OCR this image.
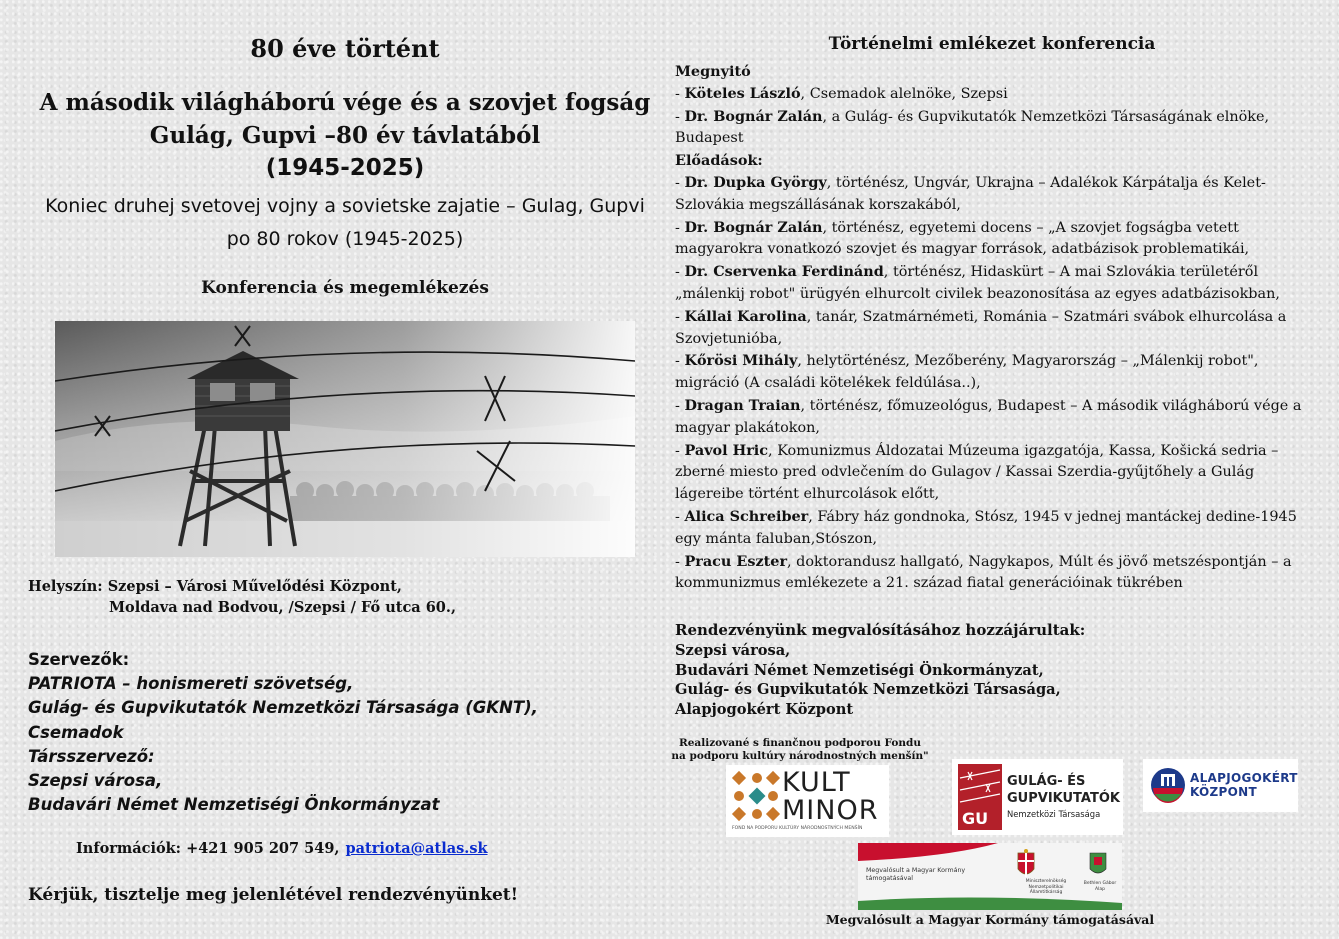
80 éve történt
A második világháború vége és a szovjet fogság
Gulág, Gupvi –80 év távlatából
(1945-2025)
Koniec druhej svetovej vojny a sovietske zajatie – Gulag, Gupvi
po 80 rokov (1945-2025)
Konferencia és megemlékezés
Helyszín: Szepsi – Városi Művelődési Központ,
Moldava nad Bodvou, /Szepsi / Fő utca 60.,
Szervezők:
PATRIOTA – honismereti szövetség,
Gulág- és Gupvikutatók Nemzetközi Társasága (GKNT),
Csemadok
Társszervező:
Szepsi városa,
Budavári Német Nemzetiségi Önkormányzat
Információk: +421 905 207 549, patriota@atlas.sk
Kérjük, tisztelje meg jelenlétével rendezvényünket!
Történelmi emlékezet konferencia
Megnyitó
- Köteles László, Csemadok alelnöke, Szepsi
- Dr. Bognár Zalán, a Gulág- és Gupvikutatók Nemzetközi Társaságának elnöke, Budapest
Előadások:
- Dr. Dupka György, történész, Ungvár, Ukrajna – Adalékok Kárpátalja és Kelet-Szlovákia megszállásának korszakából,
- Dr. Bognár Zalán, történész, egyetemi docens – „A szovjet fogságba vetett magyarokra vonatkozó szovjet és magyar források, adatbázisok problematikái,
- Dr. Cservenka Ferdinánd, történész, Hidaskürt – A mai Szlovákia területéről „málenkij robot" ürügyén elhurcolt civilek beazonosítása az egyes adatbázisokban,
- Kállai Karolina, tanár, Szatmárnémeti, Románia – Szatmári svábok elhurcolása a Szovjetunióba,
- Kőrösi Mihály, helytörténész, Mezőberény, Magyarország – „Málenkij robot", migráció (A családi kötelékek feldúlása..),
- Dragan Traian, történész, főmuzeológus, Budapest – A második világháború vége a magyar plakátokon,
- Pavol Hric, Komunizmus Áldozatai Múzeuma igazgatója, Kassa, Košická sedria – zberné miesto pred odvlečením do Gulagov / Kassai Szerdia-gyűjtőhely a Gulág lágereibe történt elhurcolások előtt,
- Alica Schreiber, Fábry ház gondnoka, Stósz, 1945 v jednej mantáckej dedine-1945 egy mánta faluban,Stószon,
- Pracu Eszter, doktorandusz hallgató, Nagykapos, Múlt és jövő metszéspontján – a kommunizmus emlékezete a 21. század fiatal generációinak tükrében
Rendezvényünk megvalósításához hozzájárultak:
Szepsi városa,
Budavári Német Nemzetiségi Önkormányzat,
Gulág- és Gupvikutatók Nemzetközi Társasága,
Alapjogokért Központ
Realizované s finančnou podporou Fondu
na podporu kultúry národnostných menšín"
KULT
MINOR
FOND NA PODPORU KULTÚRY NÁRODNOSTNÝCH MENŠÍN
GU
GULÁG- ÉS
GUPVIKUTATÓK
Nemzetközi Társasága
ALAPJOGOKÉRT
KÖZPONT
Megvalósult a Magyar Kormány
támogatásával	Miniszterelnökség
Nemzetpolitikai Államtitkárság
Bethlen Gábor Alap
Megvalósult a Magyar Kormány támogatásával
